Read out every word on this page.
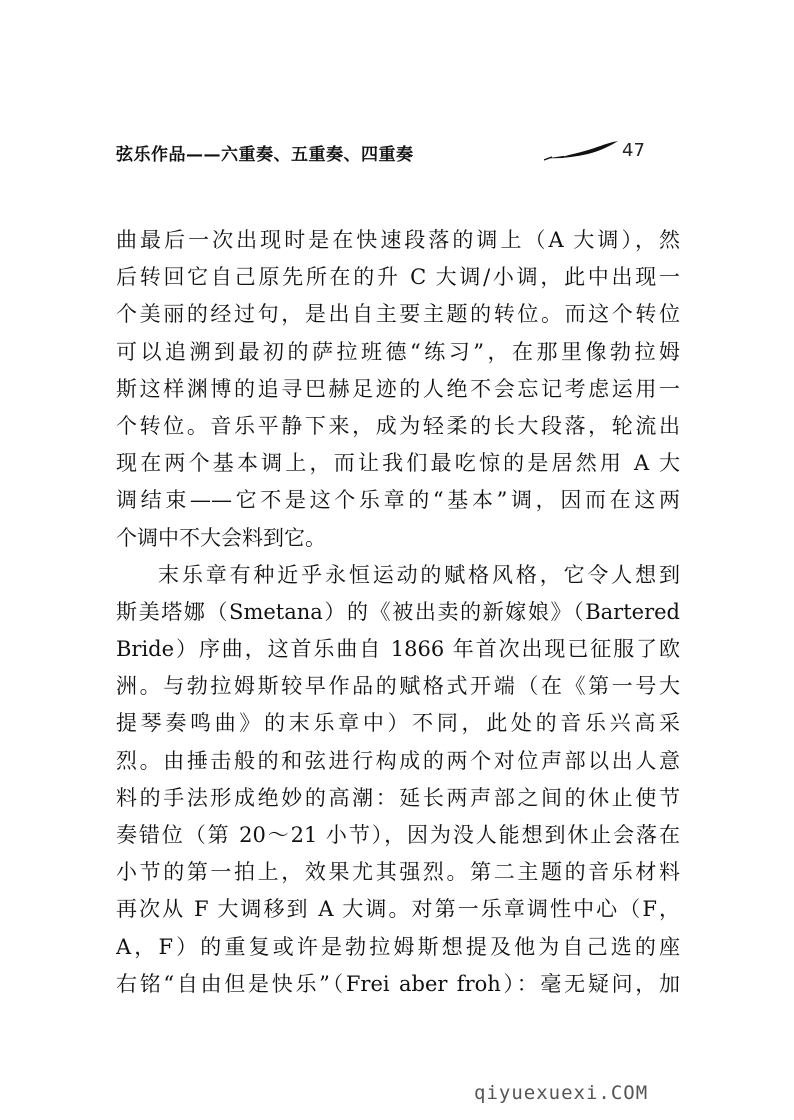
弦乐作品——六重奏、五重奏、四重奏	47
曲最后一次出现时是在快速段落的调上（A 大调），然
后转回它自己原先所在的升 C 大调/小调，此中出现一
个美丽的经过句，是出自主要主题的转位。而这个转位
可以追溯到最初的萨拉班德“练习”，在那里像勃拉姆
斯这样渊博的追寻巴赫足迹的人绝不会忘记考虑运用一
个转位。音乐平静下来，成为轻柔的长大段落，轮流出
现在两个基本调上，而让我们最吃惊的是居然用 A 大
调结束——它不是这个乐章的“基本”调，因而在这两
个调中不大会料到它。
末乐章有种近乎永恒运动的赋格风格，它令人想到
斯美塔娜（Smetana）的《被出卖的新嫁娘》（Bartered
Bride）序曲，这首乐曲自 1866 年首次出现已征服了欧
洲。与勃拉姆斯较早作品的赋格式开端（在《第一号大
提琴奏鸣曲》的末乐章中）不同，此处的音乐兴高采
烈。由捶击般的和弦进行构成的两个对位声部以出人意
料的手法形成绝妙的高潮：延长两声部之间的休止使节
奏错位（第 20～21 小节），因为没人能想到休止会落在
小节的第一拍上，效果尤其强烈。第二主题的音乐材料
再次从 F 大调移到 A 大调。对第一乐章调性中心（F，
A，F）的重复或许是勃拉姆斯想提及他为自己选的座
右铭“自由但是快乐”（Frei aber froh）：毫无疑问，加
qiyuexuexi.COM
